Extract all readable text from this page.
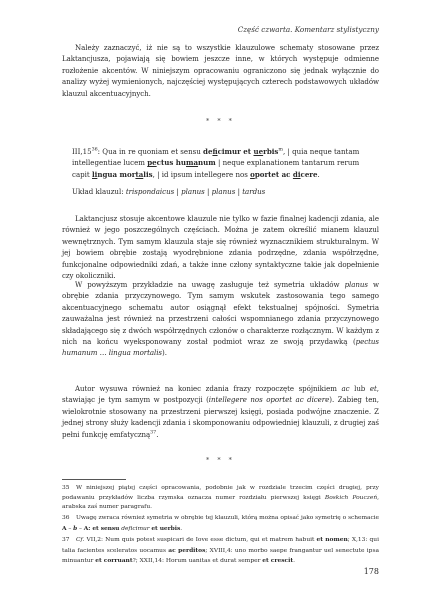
Część czwarta. Komentarz stylistyczny

Należy zaznaczyć, iż nie są to wszystkie klauzulowe schematy stosowane przez Laktancjusza, pojawiają się bowiem jeszcze inne, w których występuje odmienne rozłożenie akcentów. W niniejszym opracowaniu ograniczono się jednak wyłącznie do analizy wyżej wymienionych, najczęściej występujących czterech podstawowych układów klauzul akcentuacyjnych.

* * *
$III,15^{36}$: Qua in re quoniam et sensu deficimur et uerbis$^m$, | quia neque tantam
intellegentiae lucem pectus humanum | neque explanationem tantarum rerum
capit lingua mortalis, | id ipsum intellegere nos oportet ac dicere.
Układ klauzul: trispondaicus | planus | planus | tardus

Laktancjusz stosuje akcentowe klauzule nie tylko w fazie finalnej kadencji zdania, ale również w jego poszczególnych częściach. Można je zatem określić mianem klauzul wewnętrznych. Tym samym klauzula staje się również wyznacznikiem strukturalnym. W jej bowiem obrębie zostają wyodrębnione zdania podrzędne, zdania współrzędne, funkcjonalne odpowiedniki zdań, a także inne człony syntaktyczne takie jak dopełnienie czy okoliczniki.

W powyższym przykładzie na uwagę zasługuje też symetria układów planus w obrębie zdania przyczynowego. Tym samym wskutek zastosowania tego samego akcentuacyjnego schematu autor osiągnął efekt tekstualnej spójności. Symetria zauważalna jest również na przestrzeni całości wspomnianego zdania przyczynowego składającego się z dwóch współrzędnych członów o charakterze rozłącznym. W każdym z nich na końcu wyeksponowany został podmiot wraz ze swoją przydawką (pectus humanum … lingua mortalis).

Autor wysuwa również na koniec zdania frazy rozpoczęte spójnikiem ac lub et, stawiając je tym samym w postpozycji (intellegere nos oportet ac dicere). Zabieg ten, wielokrotnie stosowany na przestrzeni pierwszej księgi, posiada podwójne znaczenie. Z jednej strony służy kadencji zdania i skomponowaniu odpowiedniej klauzuli, z drugiej zaś pełni funkcję emfatyczną$^{37}$.

* * *

35 W niniejszej piątej części opracowania, podobnie jak w rozdziale trzecim części drugiej, przy podawaniu przykładów liczba rzymska oznacza numer rozdziału pierwszej księgi Boskich Pouczeń, arabska zaś numer paragrafu.

36 Uwagę zwraca również symetria w obrębie tej klauzuli, którą można opisać jako symetrię o schemacie A – b – A: et sensu deficimur et uerbis.

37 Cf. VII,2: Num quis potest suspicari de Iove esse dictum, qui et matrem habuit et nomen; X,13: qui talia facientes sceleratos uocamus ac perditos; XVIII,4: uno morbo saepe frangantur uel senectute ipsa minuantur et corruant?; XXII,14: Horum uanitas et durat semper et crescit.

178
